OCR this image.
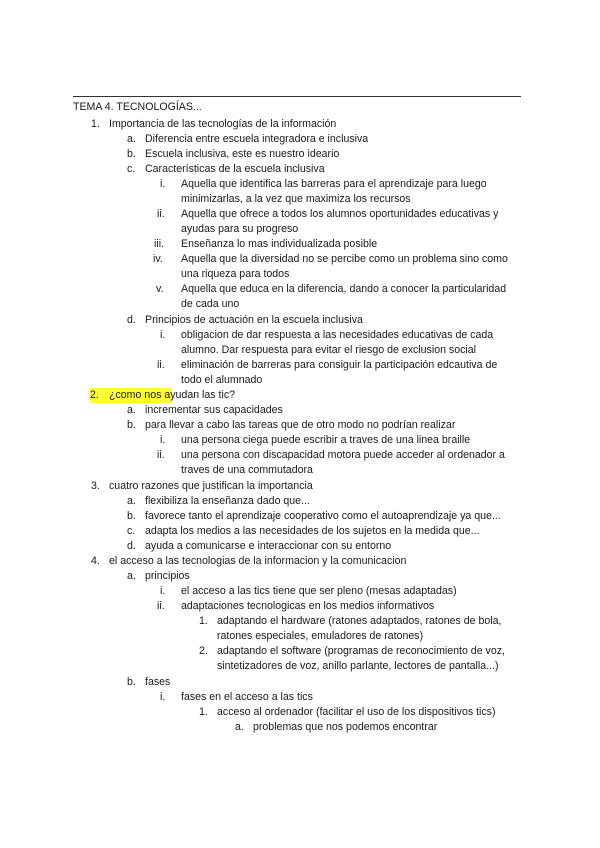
TEMA 4. TECNOLOGÍAS...
1. Importancia de las tecnologías de la información
a. Diferencia entre escuela integradora e inclusiva
b. Escuela inclusiva, este es nuestro ideario
c. Características de la escuela inclusiva
i. Aquella que identifica las barreras para el aprendizaje para luego
minimizarlas, a la vez que maximiza los recursos
ii. Aquella que ofrece a todos los alumnos oportunidades educativas y
ayudas para su progreso
iii. Enseñanza lo mas individualizada posible
iv. Aquella que la diversidad no se percibe como un problema sino como
una riqueza para todos
v. Aquella que educa en la diferencia, dando a conocer la particularidad
de cada uno
d. Principios de actuación en la escuela inclusiva
i. obligacion de dar respuesta a las necesidades educativas de cada
alumno. Dar respuesta para evitar el riesgo de exclusion social
ii. eliminación de barreras para consiguir la participación edcautiva de
todo el alumnado
2. ¿como nos ayudan las tic?
a. incrementar sus capacidades
b. para llevar a cabo las tareas que de otro modo no podrían realizar
i. una persona ciega puede escribir a traves de una linea braille
ii. una persona con discapacidad motora puede acceder al ordenador a
traves de una commutadora
3. cuatro razones que justifican la importancia
a. flexibiliza la enseñanza dado que...
b. favorece tanto el aprendizaje cooperativo como el autoaprendizaje ya que...
c. adapta los medios a las necesidades de los sujetos en la medida que...
d. ayuda a comunicarse e interaccionar con su entorno
4. el acceso a las tecnologias de la informacion y la comunicacion
a. principios
i. el acceso a las tics tiene que ser pleno (mesas adaptadas)
ii. adaptaciones tecnologicas en los medios informativos
1. adaptando el hardware (ratones adaptados, ratones de bola,
ratones especiales, emuladores de ratones)
2. adaptando el software (programas de reconocimiento de voz,
sintetizadores de voz, anillo parlante, lectores de pantalla...)
b. fases
i. fases en el acceso a las tics
1. acceso al ordenador (facilitar el uso de los dispositivos tics)
a. problemas que nos podemos encontrar
